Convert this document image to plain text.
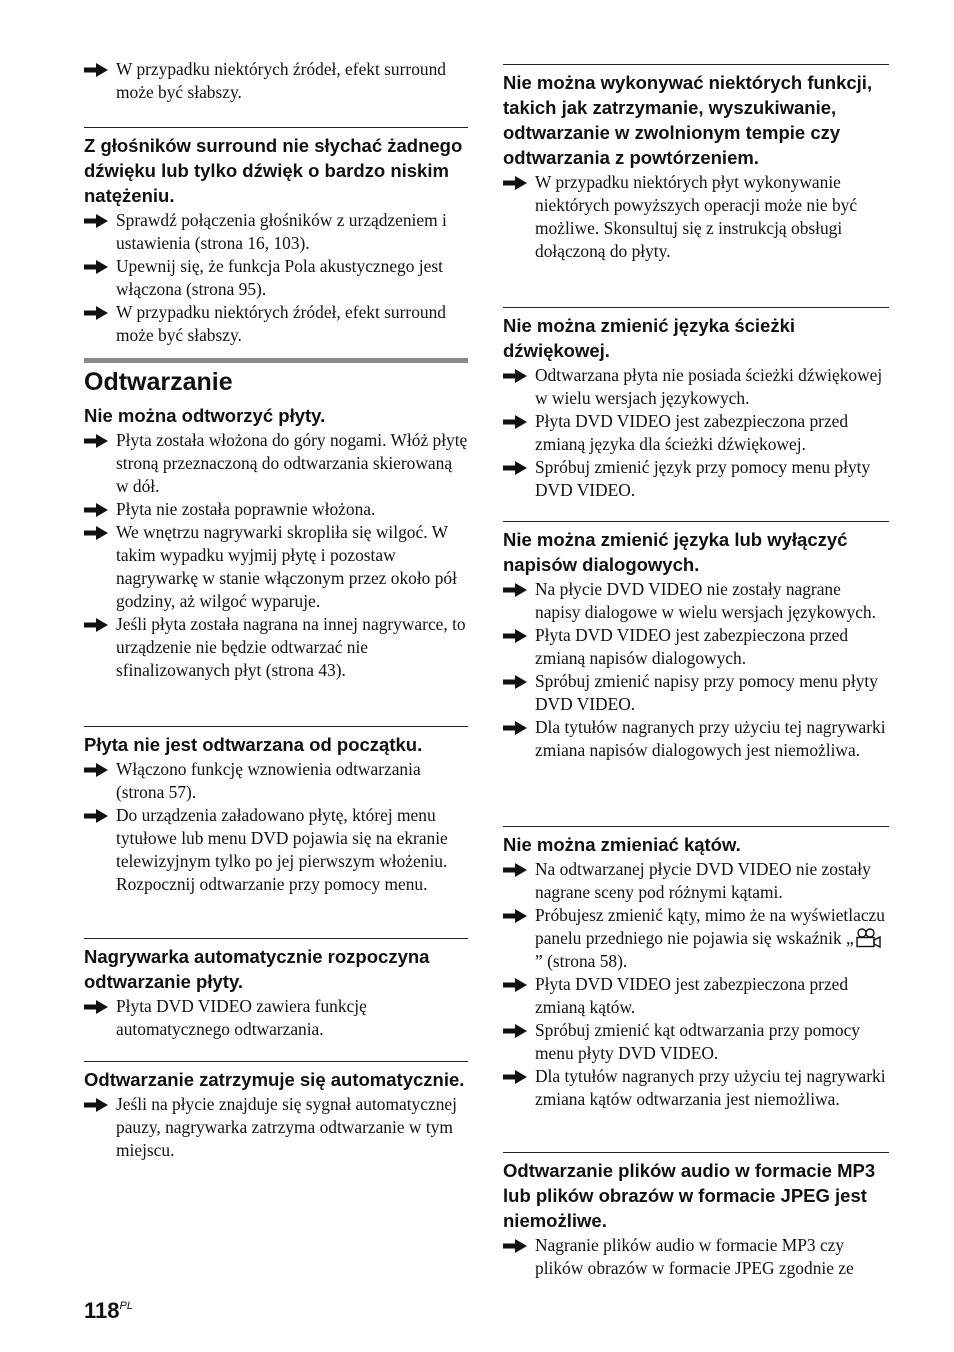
W przypadku niektórych źródeł, efekt surround może być słabszy.
Z głośników surround nie słychać żadnego dźwięku lub tylko dźwięk o bardzo niskim natężeniu.
Sprawdź połączenia głośników z urządzeniem i ustawienia (strona 16, 103).
Upewnij się, że funkcja Pola akustycznego jest włączona (strona 95).
W przypadku niektórych źródeł, efekt surround może być słabszy.
Odtwarzanie
Nie można odtworzyć płyty.
Płyta została włożona do góry nogami. Włóż płytę stroną przeznaczoną do odtwarzania skierowaną w dół.
Płyta nie została poprawnie włożona.
We wnętrzu nagrywarki skropliła się wilgoć. W takim wypadku wyjmij płytę i pozostaw nagrywarkę w stanie włączonym przez około pół godziny, aż wilgoć wyparuje.
Jeśli płyta została nagrana na innej nagrywarce, to urządzenie nie będzie odtwarzać nie sfinalizowanych płyt (strona 43).
Płyta nie jest odtwarzana od początku.
Włączono funkcję wznowienia odtwarzania (strona 57).
Do urządzenia załadowano płytę, której menu tytułowe lub menu DVD pojawia się na ekranie telewizyjnym tylko po jej pierwszym włożeniu. Rozpocznij odtwarzanie przy pomocy menu.
Nagrywarka automatycznie rozpoczyna odtwarzanie płyty.
Płyta DVD VIDEO zawiera funkcję automatycznego odtwarzania.
Odtwarzanie zatrzymuje się automatycznie.
Jeśli na płycie znajduje się sygnał automatycznej pauzy, nagrywarka zatrzyma odtwarzanie w tym miejscu.
Nie można wykonywać niektórych funkcji, takich jak zatrzymanie, wyszukiwanie, odtwarzanie w zwolnionym tempie czy odtwarzania z powtórzeniem.
W przypadku niektórych płyt wykonywanie niektórych powyższych operacji może nie być możliwe. Skonsultuj się z instrukcją obsługi dołączoną do płyty.
Nie można zmienić języka ścieżki dźwiękowej.
Odtwarzana płyta nie posiada ścieżki dźwiękowej w wielu wersjach językowych.
Płyta DVD VIDEO jest zabezpieczona przed zmianą języka dla ścieżki dźwiękowej.
Spróbuj zmienić język przy pomocy menu płyty DVD VIDEO.
Nie można zmienić języka lub wyłączyć napisów dialogowych.
Na płycie DVD VIDEO nie zostały nagrane napisy dialogowe w wielu wersjach językowych.
Płyta DVD VIDEO jest zabezpieczona przed zmianą napisów dialogowych.
Spróbuj zmienić napisy przy pomocy menu płyty DVD VIDEO.
Dla tytułów nagranych przy użyciu tej nagrywarki zmiana napisów dialogowych jest niemożliwa.
Nie można zmieniać kątów.
Na odtwarzanej płycie DVD VIDEO nie zostały nagrane sceny pod różnymi kątami.
Próbujesz zmienić kąty, mimo że na wyświetlaczu panelu przedniego nie pojawia się wskaźnik „” (strona 58).
Płyta DVD VIDEO jest zabezpieczona przed zmianą kątów.
Spróbuj zmienić kąt odtwarzania przy pomocy menu płyty DVD VIDEO.
Dla tytułów nagranych przy użyciu tej nagrywarki zmiana kątów odtwarzania jest niemożliwa.
Odtwarzanie plików audio w formacie MP3 lub plików obrazów w formacie JPEG jest niemożliwe.
Nagranie plików audio w formacie MP3 czy plików obrazów w formacie JPEG zgodnie ze
$118^{PL}$
